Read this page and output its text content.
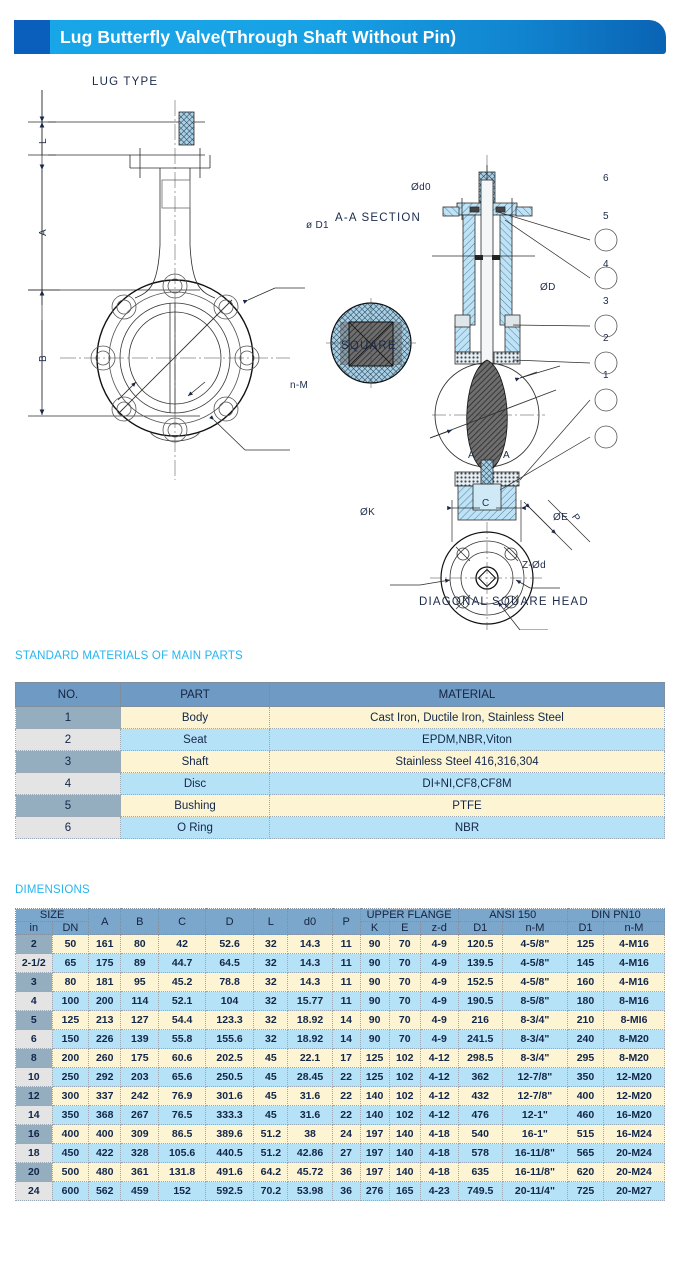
Lug Butterfly Valve(Through Shaft Without Pin)
A	A
LUG TYPE
A-A SECTION
SQUARE
DIAGONAL SQUARE HEAD
L
A
B
C
P
ø D1
n-M
Ød0
ØD
ØK	ØE
Z-Ød
6
5
4
3
2
1
STANDARD MATERIALS OF MAIN PARTS
NO.	PART	MATERIAL
1	Body	Cast Iron, Ductile Iron, Stainless Steel
2	Seat	EPDM,NBR,Viton
3	Shaft	Stainless Steel 416,316,304
4	Disc	DI+NI,CF8,CF8M
5	Bushing	PTFE
6	O Ring	NBR
DIMENSIONS
SIZE		A	B	C	D	L	d0	P	UPPER FLANGE			ANSI 150		DIN PN10	
in	DN								K	E	z-d	D1	n-M	D1	n-M
2	50	161	80	42	52.6	32	14.3	11	90	70	4-9	120.5	4-5/8"	125	4-M16
2-1/2	65	175	89	44.7	64.5	32	14.3	11	90	70	4-9	139.5	4-5/8"	145	4-M16
3	80	181	95	45.2	78.8	32	14.3	11	90	70	4-9	152.5	4-5/8"	160	4-M16
4	100	200	114	52.1	104	32	15.77	11	90	70	4-9	190.5	8-5/8"	180	8-M16
5	125	213	127	54.4	123.3	32	18.92	14	90	70	4-9	216	8-3/4"	210	8-MI6
6	150	226	139	55.8	155.6	32	18.92	14	90	70	4-9	241.5	8-3/4"	240	8-M20
8	200	260	175	60.6	202.5	45	22.1	17	125	102	4-12	298.5	8-3/4"	295	8-M20
10	250	292	203	65.6	250.5	45	28.45	22	125	102	4-12	362	12-7/8"	350	12-M20
12	300	337	242	76.9	301.6	45	31.6	22	140	102	4-12	432	12-7/8"	400	12-M20
14	350	368	267	76.5	333.3	45	31.6	22	140	102	4-12	476	12-1"	460	16-M20
16	400	400	309	86.5	389.6	51.2	38	24	197	140	4-18	540	16-1"	515	16-M24
18	450	422	328	105.6	440.5	51.2	42.86	27	197	140	4-18	578	16-11/8"	565	20-M24
20	500	480	361	131.8	491.6	64.2	45.72	36	197	140	4-18	635	16-11/8"	620	20-M24
24	600	562	459	152	592.5	70.2	53.98	36	276	165	4-23	749.5	20-11/4"	725	20-M27
